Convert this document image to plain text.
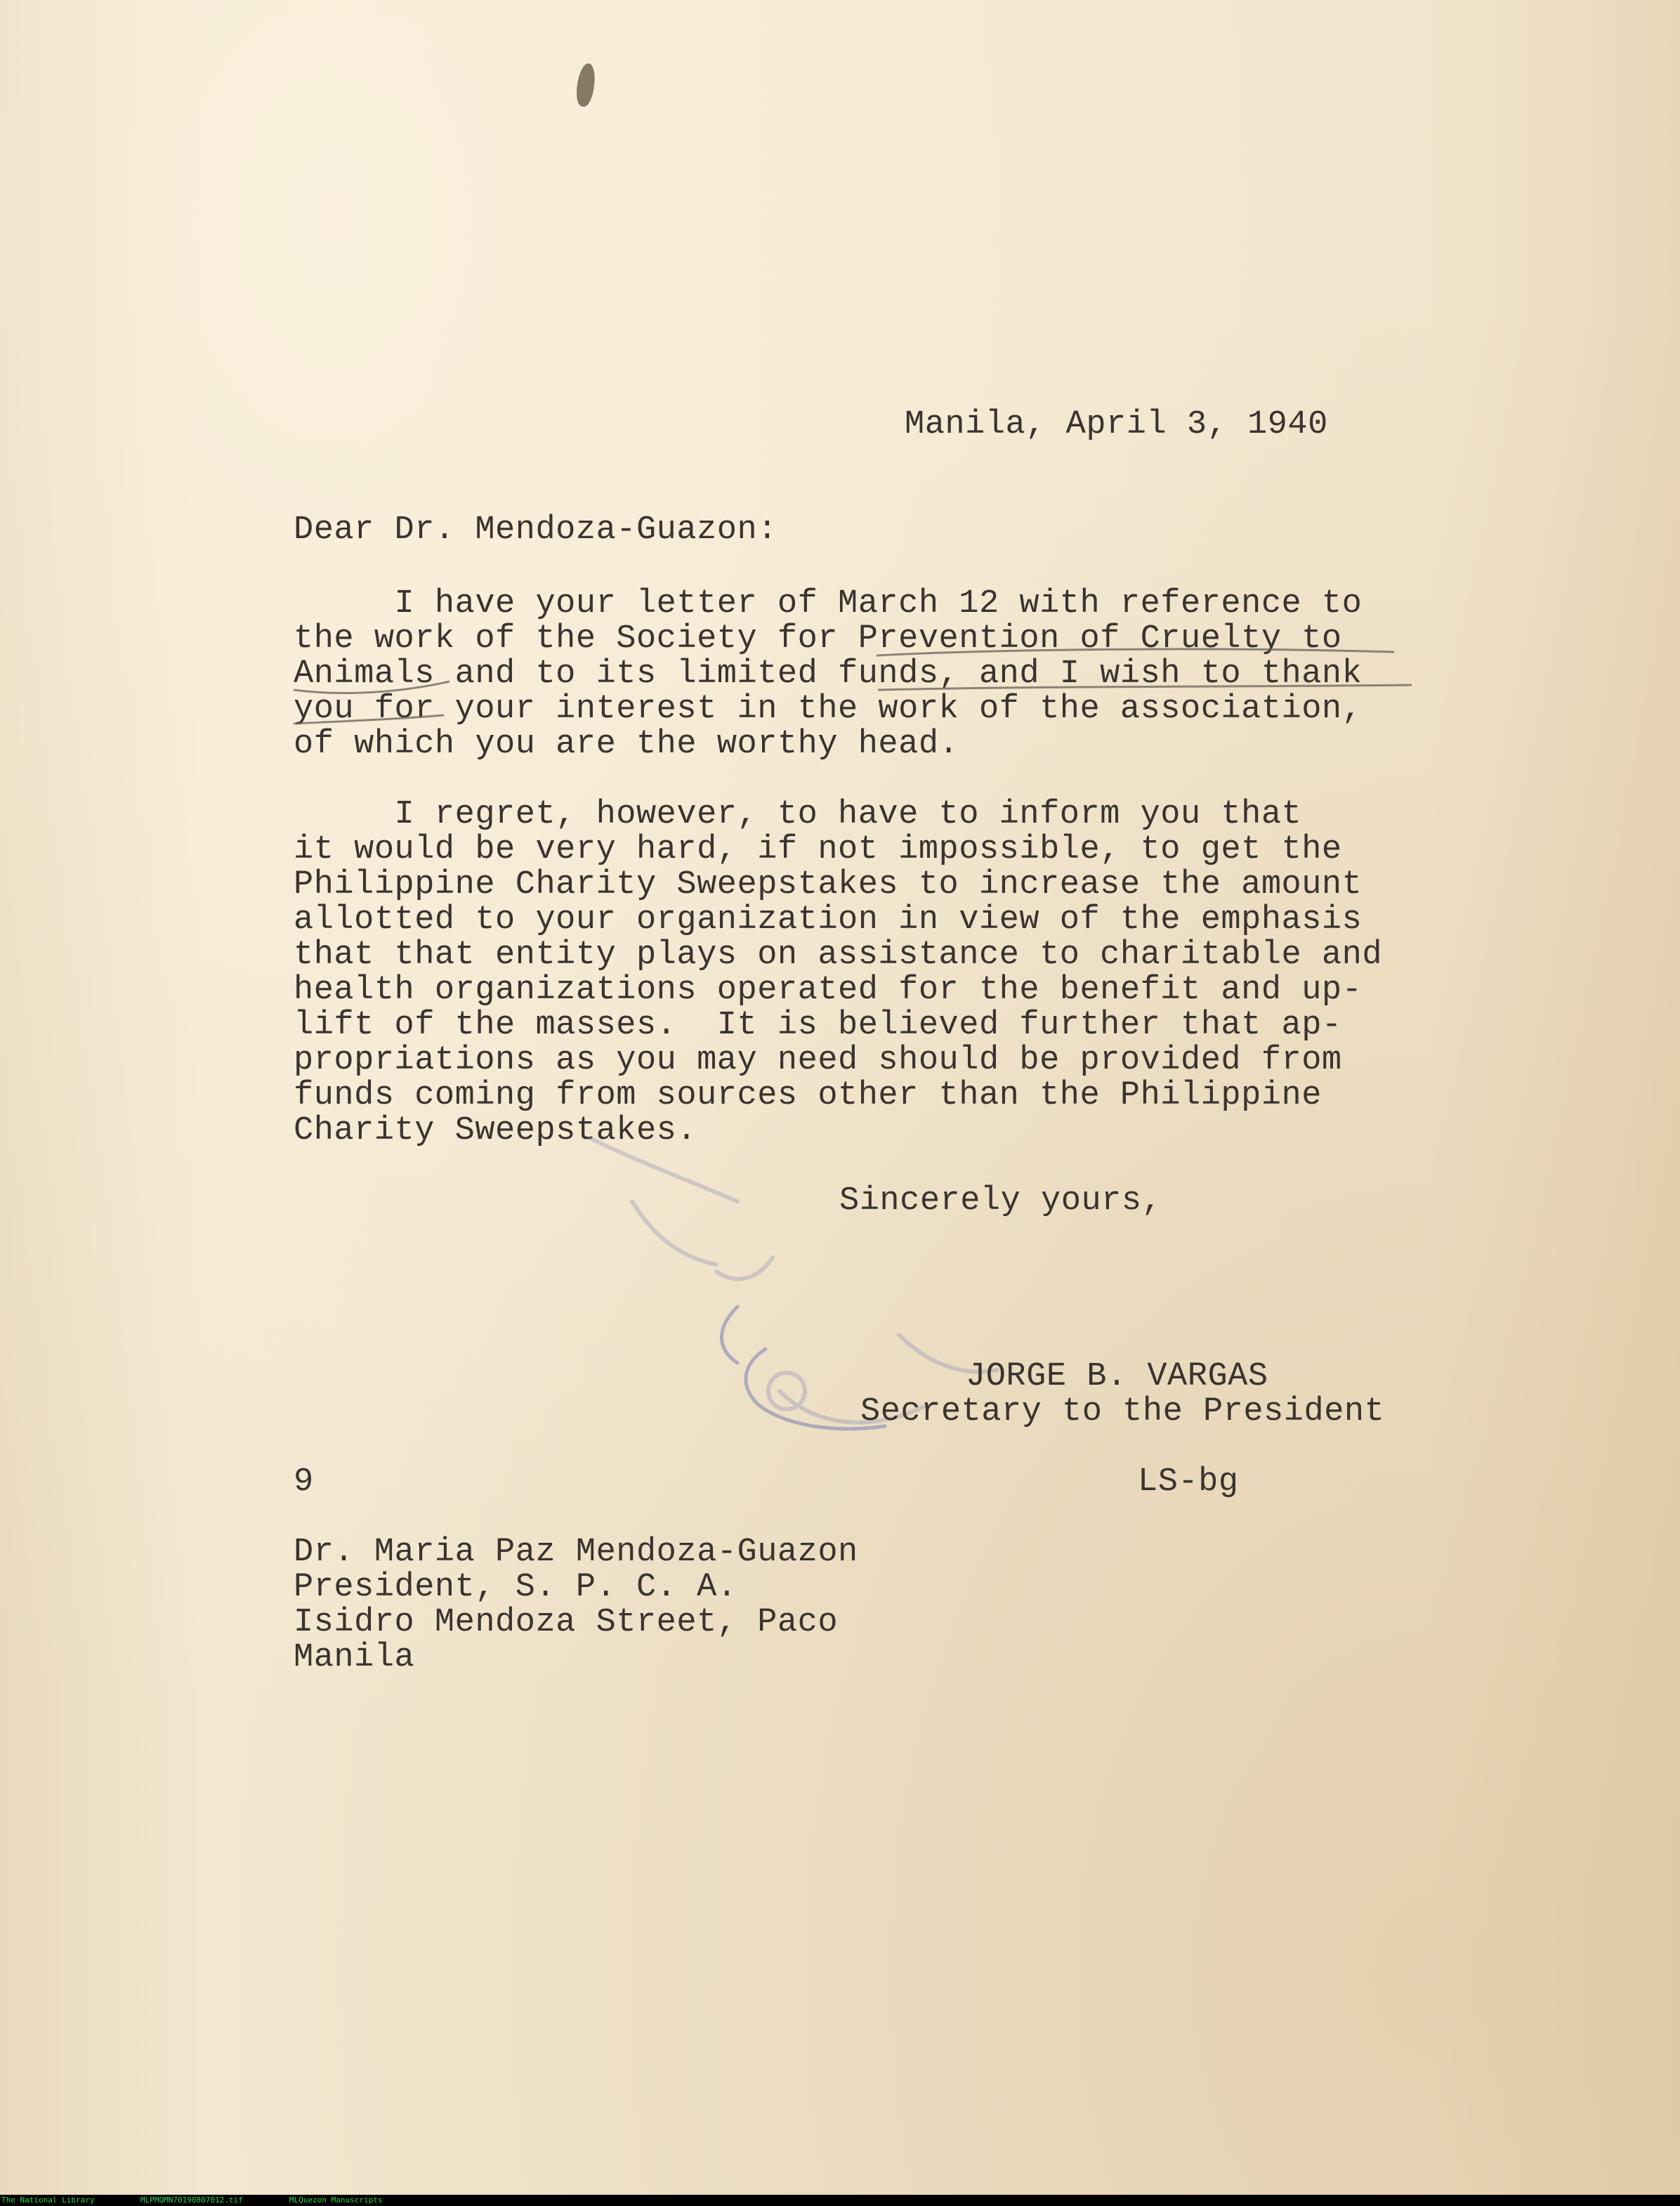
Manila, April 3, 1940

Dear Dr. Mendoza-Guazon:

I have your letter of March 12 with reference to

the work of the Society for Prevention of Cruelty to

Animals and to its limited funds, and I wish to thank

you for your interest in the work of the association,

of which you are the worthy head.

I regret, however, to have to inform you that

it would be very hard, if not impossible, to get the

Philippine Charity Sweepstakes to increase the amount

allotted to your organization in view of the emphasis

that that entity plays on assistance to charitable and

health organizations operated for the benefit and up-

lift of the masses.  It is believed further that ap-

propriations as you may need should be provided from

funds coming from sources other than the Philippine

Charity Sweepstakes.

Sincerely yours,

JORGE B. VARGAS

Secretary to the President

9	LS-bg

Dr. Maria Paz Mendoza-Guazon

President, S. P. C. A.

Isidro Mendoza Street, Paco

Manila

The National Library	MLPMQMN70190807012.tif	MLQuezon Manuscripts
